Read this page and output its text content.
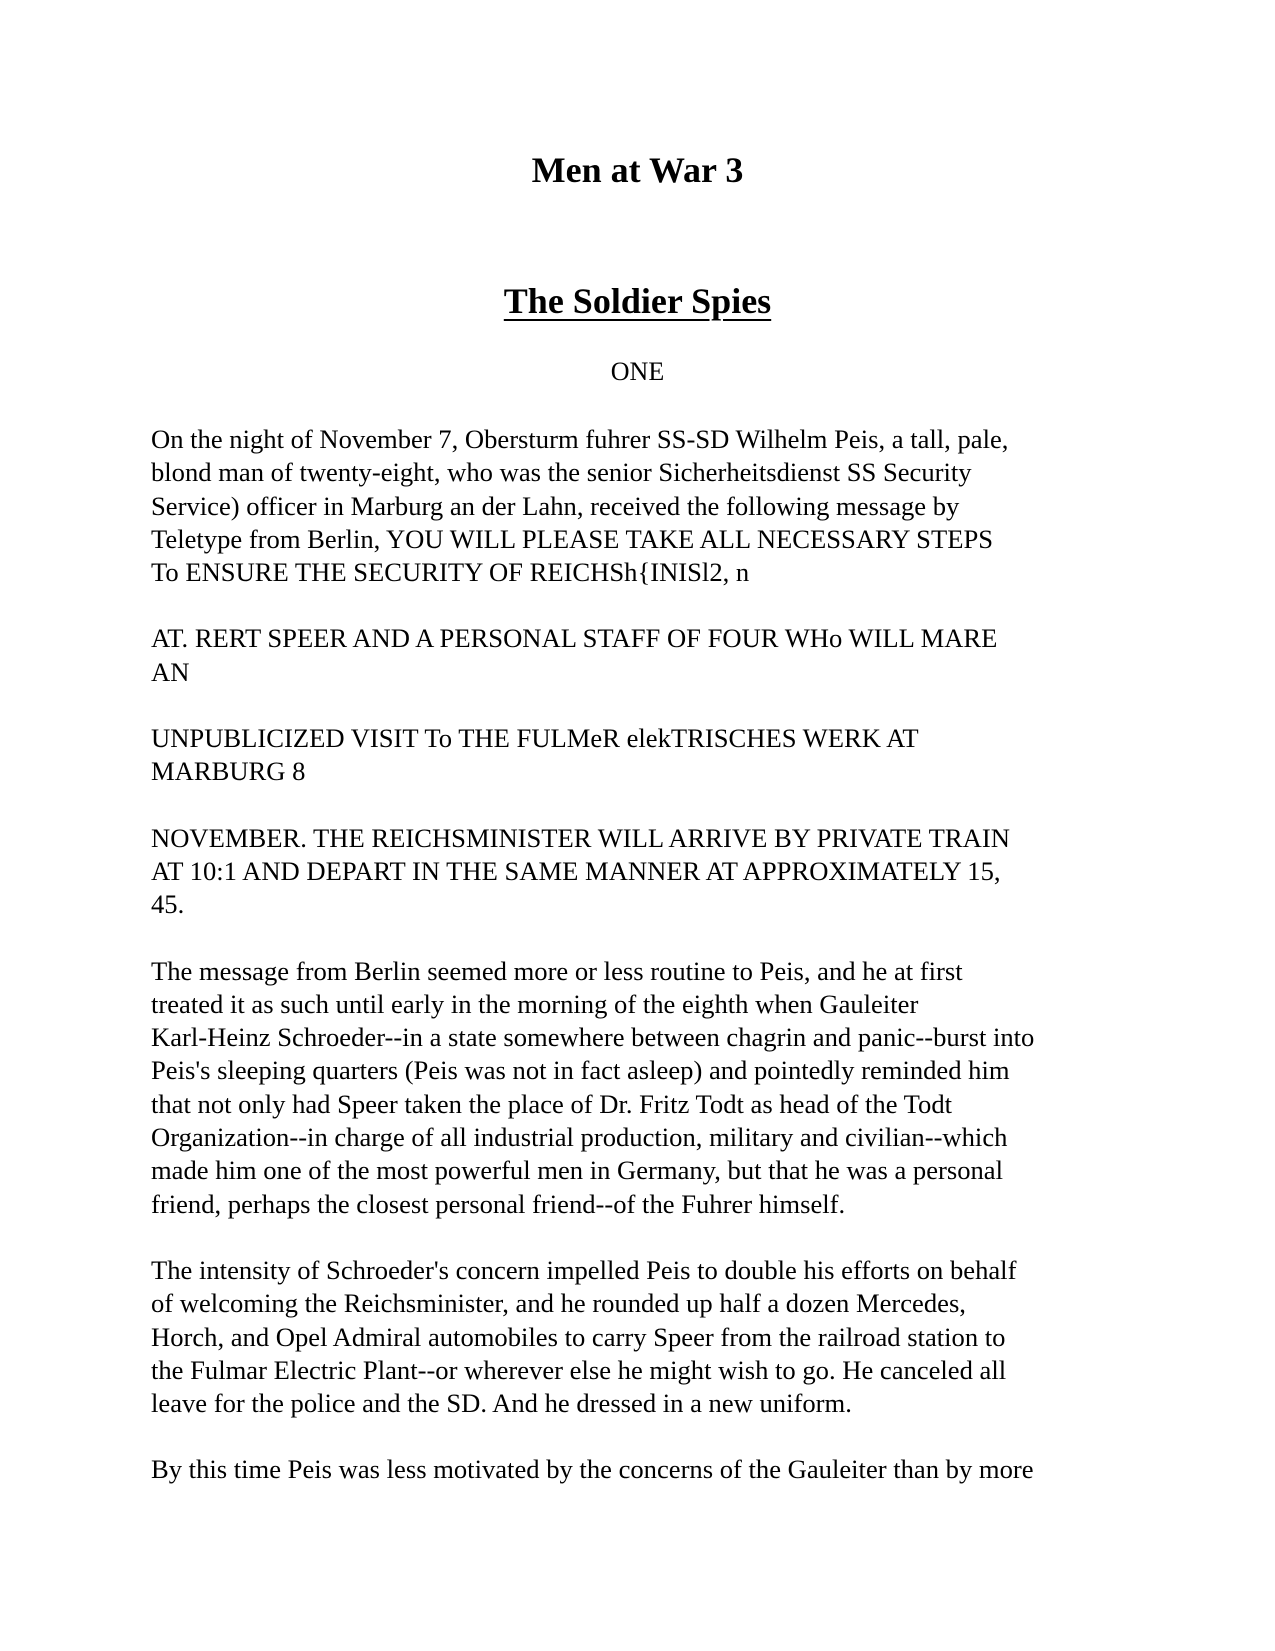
Men at War 3
The Soldier Spies
ONE

On the night of November 7, Obersturm fuhrer SS-SD Wilhelm Peis, a tall, pale,
blond man of twenty-eight, who was the senior Sicherheitsdienst SS Security
Service) officer in Marburg an der Lahn, received the following message by
Teletype from Berlin, YOU WILL PLEASE TAKE ALL NECESSARY STEPS
To ENSURE THE SECURITY OF REICHSh{INISl2, n

AT. RERT SPEER AND A PERSONAL STAFF OF FOUR WHo WILL MARE
AN

UNPUBLICIZED VISIT To THE FULMeR elekTRISCHES WERK AT
MARBURG 8

NOVEMBER. THE REICHSMINISTER WILL ARRIVE BY PRIVATE TRAIN
AT 10:1 AND DEPART IN THE SAME MANNER AT APPROXIMATELY 15,
45.

The message from Berlin seemed more or less routine to Peis, and he at first
treated it as such until early in the morning of the eighth when Gauleiter
Karl-Heinz Schroeder--in a state somewhere between chagrin and panic--burst into
Peis's sleeping quarters (Peis was not in fact asleep) and pointedly reminded him
that not only had Speer taken the place of Dr. Fritz Todt as head of the Todt
Organization--in charge of all industrial production, military and civilian--which
made him one of the most powerful men in Germany, but that he was a personal
friend, perhaps the closest personal friend--of the Fuhrer himself.

The intensity of Schroeder's concern impelled Peis to double his efforts on behalf
of welcoming the Reichsminister, and he rounded up half a dozen Mercedes,
Horch, and Opel Admiral automobiles to carry Speer from the railroad station to
the Fulmar Electric Plant--or wherever else he might wish to go. He canceled all
leave for the police and the SD. And he dressed in a new uniform.

By this time Peis was less motivated by the concerns of the Gauleiter than by more
